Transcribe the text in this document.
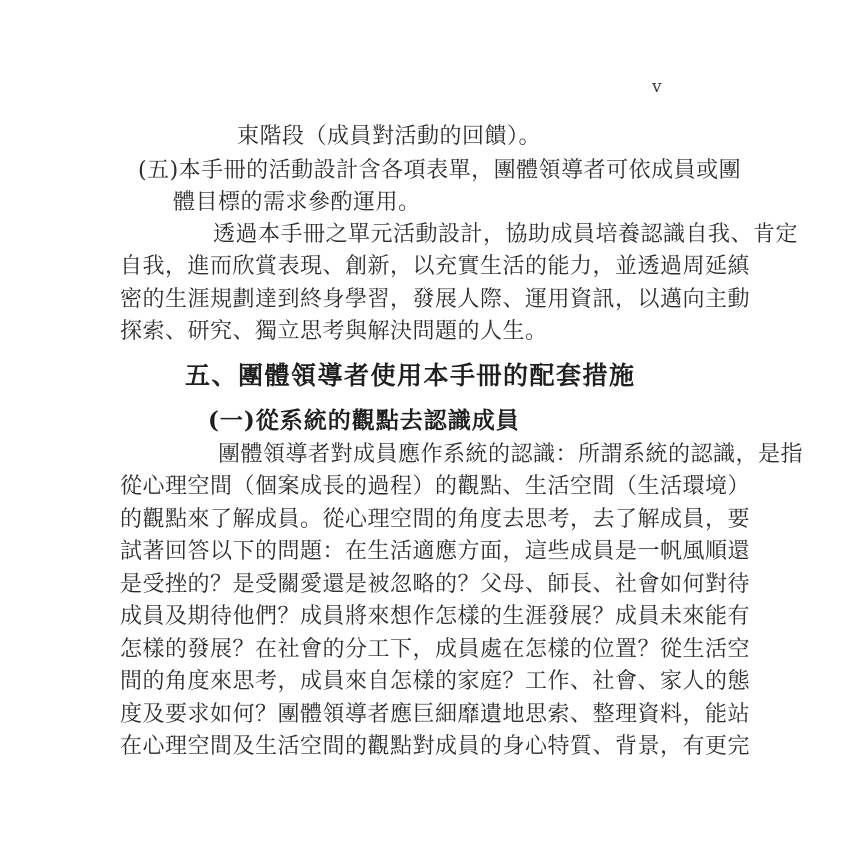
v
束階段（成員對活動的回饋）。
(五)本手冊的活動設計含各項表單，團體領導者可依成員或團
體目標的需求參酌運用。
透過本手冊之單元活動設計，協助成員培養認識自我、肯定
自我，進而欣賞表現、創新，以充實生活的能力，並透過周延縝
密的生涯規劃達到終身學習，發展人際、運用資訊，以邁向主動
探索、研究、獨立思考與解決問題的人生。
五、團體領導者使用本手冊的配套措施
(一)從系統的觀點去認識成員
團體領導者對成員應作系統的認識：所謂系統的認識，是指
從心理空間（個案成長的過程）的觀點、生活空間（生活環境）
的觀點來了解成員。從心理空間的角度去思考，去了解成員，要
試著回答以下的問題：在生活適應方面，這些成員是一帆風順還
是受挫的？是受關愛還是被忽略的？父母、師長、社會如何對待
成員及期待他們？成員將來想作怎樣的生涯發展？成員未來能有
怎樣的發展？在社會的分工下，成員處在怎樣的位置？從生活空
間的角度來思考，成員來自怎樣的家庭？工作、社會、家人的態
度及要求如何？團體領導者應巨細靡遺地思索、整理資料，能站
在心理空間及生活空間的觀點對成員的身心特質、背景，有更完
